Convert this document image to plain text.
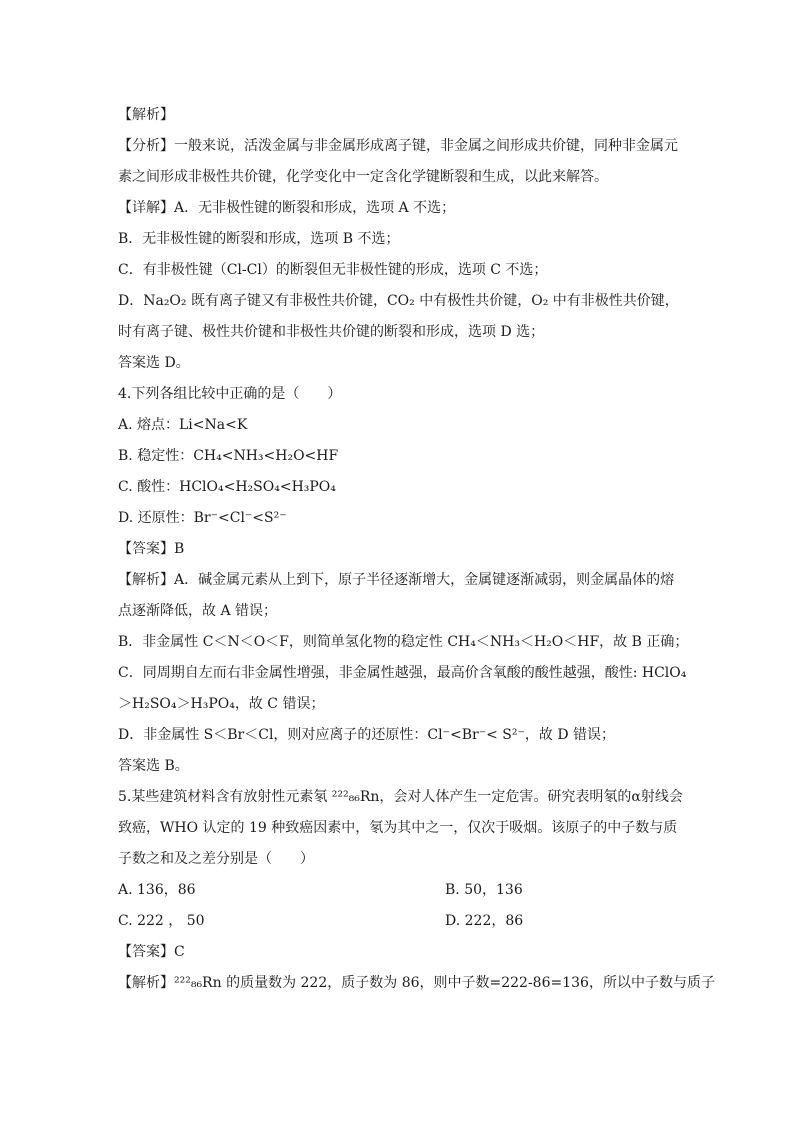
【解析】
【分析】一般来说，活泼金属与非金属形成离子键，非金属之间形成共价键，同种非金属元
素之间形成非极性共价键，化学变化中一定含化学键断裂和生成，以此来解答。
【详解】A．无非极性键的断裂和形成，选项 A 不选；
B．无非极性键的断裂和形成，选项 B 不选；
C．有非极性键（Cl-Cl）的断裂但无非极性键的形成，选项 C 不选；
D．Na₂O₂ 既有离子键又有非极性共价键，CO₂ 中有极性共价键，O₂ 中有非极性共价键，
时有离子键、极性共价键和非极性共价键的断裂和形成，选项 D 选；
答案选 D。
4.下列各组比较中正确的是（　　）
A. 熔点：Li<Na<K
B. 稳定性：CH₄<NH₃<H₂O<HF
C. 酸性：HClO₄<H₂SO₄<H₃PO₄
D. 还原性：Br⁻<Cl⁻<S²⁻
【答案】B
【解析】A．碱金属元素从上到下，原子半径逐渐增大，金属键逐渐减弱，则金属晶体的熔
点逐渐降低，故 A 错误；
B．非金属性 C＜N＜O＜F，则简单氢化物的稳定性 CH₄＜NH₃＜H₂O＜HF，故 B 正确；
C．同周期自左而右非金属性增强，非金属性越强，最高价含氧酸的酸性越强，酸性: HClO₄
＞H₂SO₄＞H₃PO₄，故 C 错误；
D．非金属性 S＜Br＜Cl，则对应离子的还原性：Cl⁻<Br⁻< S²⁻，故 D 错误；
答案选 B。
5.某些建筑材料含有放射性元素氡 ²²²₈₆Rn，会对人体产生一定危害。研究表明氡的α射线会
致癌，WHO 认定的 19 种致癌因素中，氡为其中之一，仅次于吸烟。该原子的中子数与质
子数之和及之差分别是（　　）
A. 136，86	B. 50，136
C. 222 ， 50	D. 222，86
【答案】C
【解析】²²²₈₆Rn 的质量数为 222，质子数为 86，则中子数=222-86=136，所以中子数与质子
